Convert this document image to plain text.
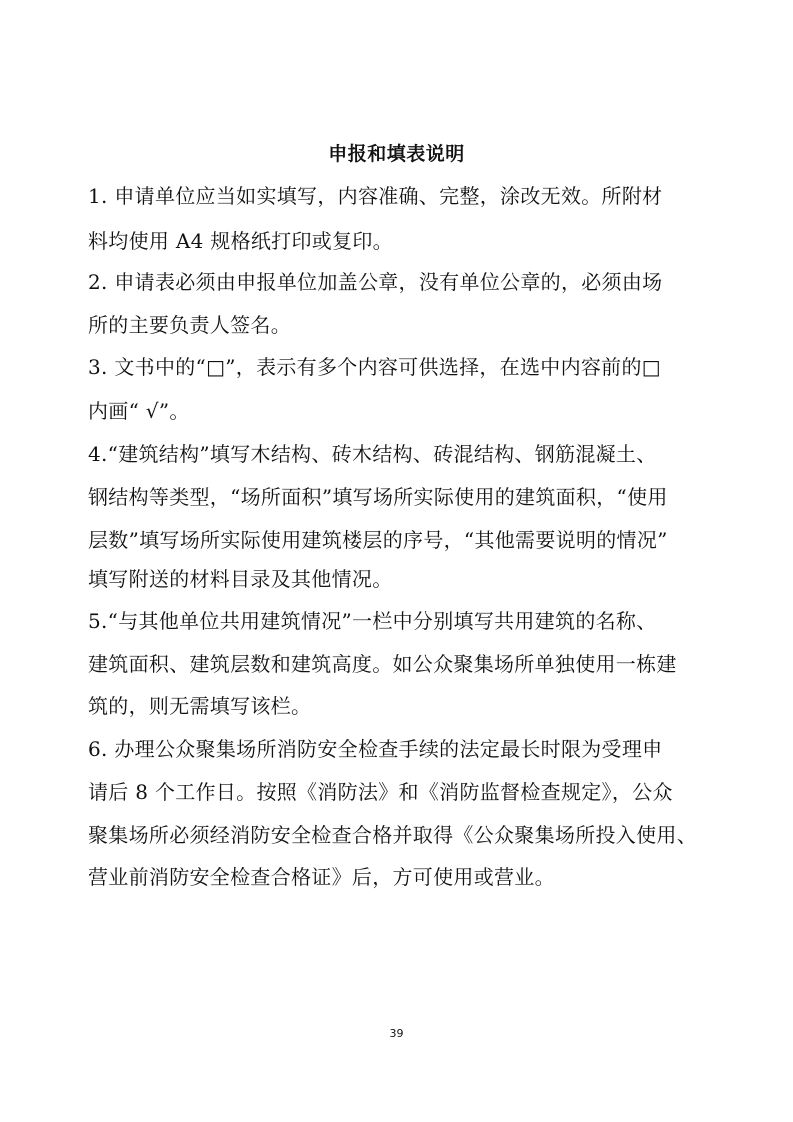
申报和填表说明
1. 申请单位应当如实填写，内容准确、完整，涂改无效。所附材
料均使用 A4 规格纸打印或复印。
2. 申请表必须由申报单位加盖公章，没有单位公章的，必须由场
所的主要负责人签名。
3. 文书中的“□”，表示有多个内容可供选择，在选中内容前的□
内画“ √”。
4.“建筑结构”填写木结构、砖木结构、砖混结构、钢筋混凝土、
钢结构等类型，“场所面积”填写场所实际使用的建筑面积，“使用
层数”填写场所实际使用建筑楼层的序号，“其他需要说明的情况”
填写附送的材料目录及其他情况。
5.“与其他单位共用建筑情况”一栏中分别填写共用建筑的名称、
建筑面积、建筑层数和建筑高度。如公众聚集场所单独使用一栋建
筑的，则无需填写该栏。
6. 办理公众聚集场所消防安全检查手续的法定最长时限为受理申
请后 8 个工作日。按照《消防法》和《消防监督检查规定》，公众
聚集场所必须经消防安全检查合格并取得《公众聚集场所投入使用、
营业前消防安全检查合格证》后，方可使用或营业。
39
